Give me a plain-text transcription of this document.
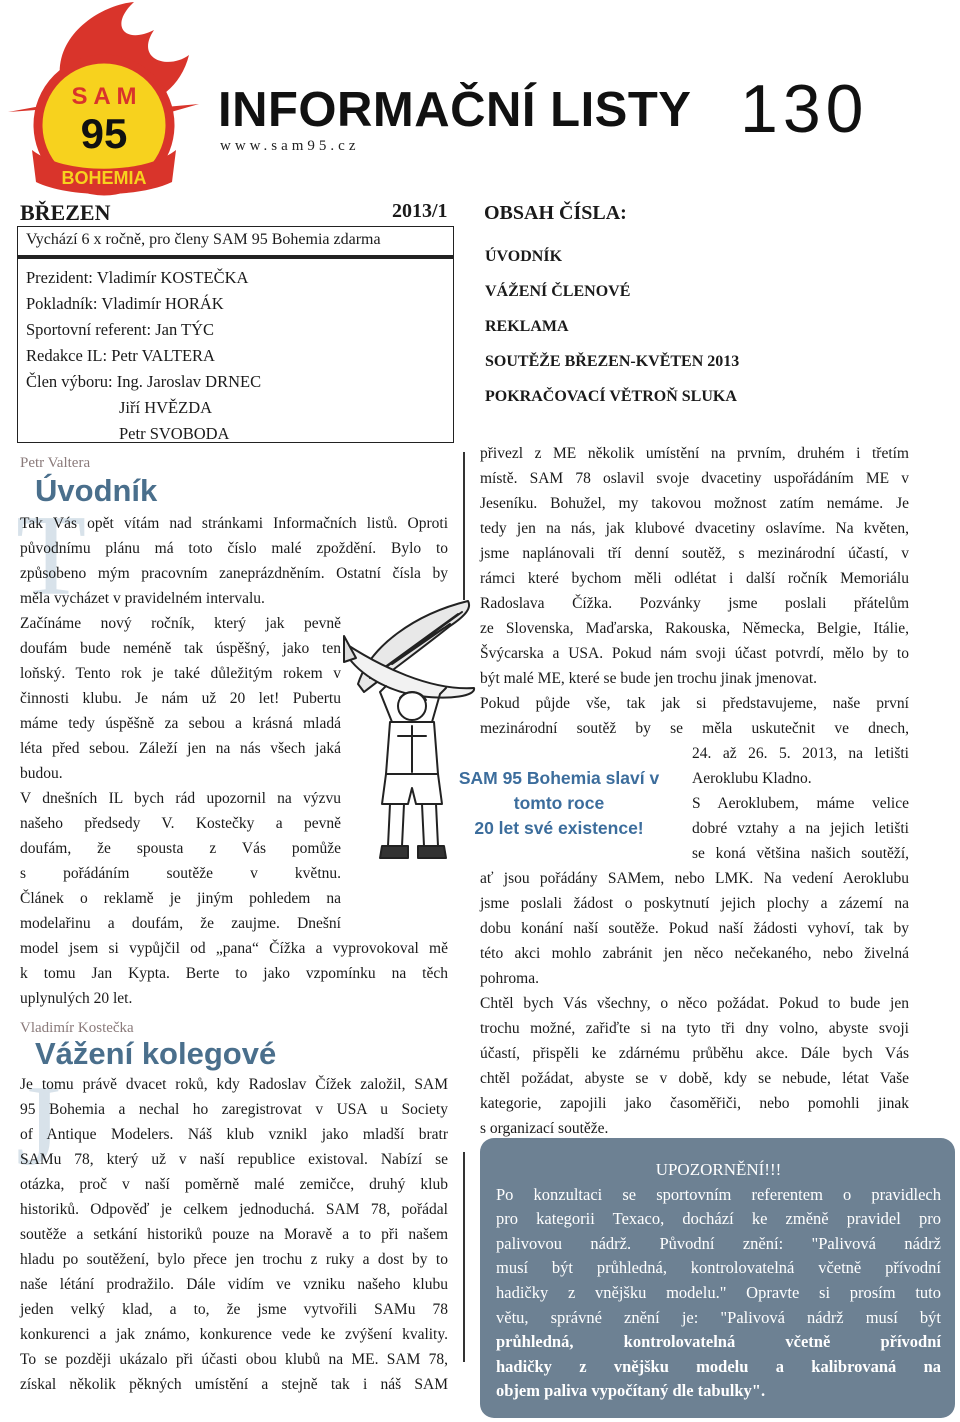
S A M
95
BOHEMIA
INFORMAČNÍ LISTY 130
www.sam95.cz
BŘEZEN	2013/1
Vychází 6 x ročně, pro členy SAM 95 Bohemia zdarma
Prezident: Vladimír KOSTEČKA
Pokladník: Vladimír HORÁK
Sportovní referent: Jan TÝC
Redakce IL: Petr VALTERA
Člen výboru: Ing. Jaroslav DRNEC
Jiří HVĚZDA
Petr SVOBODA
OBSAH ČÍSLA:
ÚVODNÍK
VÁŽENÍ ČLENOVÉ
REKLAMA
SOUTĚŽE BŘEZEN-KVĚTEN 2013
POKRAČOVACÍ VĚTROŇ SLUKA
Petr Valtera
T
Úvodník

Tak Vás opět vítám nad stránkami Informačních listů. Oproti

původnímu plánu má toto číslo malé zpoždění. Bylo to

způsobeno mým pracovním zaneprázdněním. Ostatní čísla by

měla vycházet v pravidelném intervalu.

Začínáme nový ročník, který jak pevně

doufám bude neméně tak úspěšný, jako ten

loňský. Tento rok je také důležitým rokem v

činnosti klubu. Je nám už 20 let! Pubertu

máme tedy úspěšně za sebou a krásná mladá

léta před sebou. Záleží jen na nás všech jaká

budou.

V dnešních IL bych rád upozornil na výzvu

našeho předsedy V. Kostečky a pevně

doufám, že spousta z Vás pomůže

s pořádáním soutěže v květnu.

Článek o reklamě je jiným pohledem na

modelařinu a doufám, že zaujme. Dnešní

model jsem si vypůjčil od „pana“ Čížka a vyprovokoval mě

k tomu Jan Kypta. Berte to jako vzpomínku na těch

uplynulých 20 let.

Vladimír Kostečka
J
Vážení kolegové

Je tomu právě dvacet roků, kdy Radoslav Čížek založil, SAM

95 Bohemia a nechal ho zaregistrovat v USA u Society

of Antique Modelers. Náš klub vznikl jako mladší bratr

SAMu 78, který už v naší republice existoval. Nabízí se

otázka, proč v naší poměrně malé zemičce, druhý klub

historiků. Odpověď je celkem jednoduchá. SAM 78, pořádal

soutěže a setkání historiků pouze na Moravě a to při našem

hladu po soutěžení, bylo přece jen trochu z ruky a dost by to

naše létání prodražilo. Dále vidím ve vzniku našeho klubu

jeden velký klad, a to, že jsme vytvořili SAMu 78

konkurenci a jak známo, konkurence vede ke zvýšení kvality.

To se později ukázalo při účasti obou klubů na ME. SAM 78,

získal několik pěkných umístění a stejně tak i náš SAM

přivezl z ME několik umístění na prvním, druhém i třetím

místě. SAM 78 oslavil svoje dvacetiny uspořádáním ME v

Jeseníku. Bohužel, my takovou možnost zatím nemáme. Je

tedy jen na nás, jak klubové dvacetiny oslavíme. Na květen,

jsme naplánovali tří denní soutěž, s mezinárodní účastí, v

rámci které bychom měli odlétat i další ročník Memoriálu

Radoslava Čížka. Pozvánky jsme poslali přátelům

ze Slovenska, Maďarska, Rakouska, Německa, Belgie, Itálie,

Švýcarska a USA. Pokud nám svoji účast potvrdí, mělo by to

být malé ME, které se bude jen trochu jinak jmenovat.

Pokud půjde vše, tak jak si představujeme, naše první

mezinárodní soutěž by se měla uskutečnit ve dnech,

24. až 26. 5. 2013, na letišti

Aeroklubu Kladno.

S Aeroklubem, máme velice

dobré vztahy a na jejich letišti

se koná většina našich soutěží,

ať jsou pořádány SAMem, nebo LMK. Na vedení Aeroklubu

jsme poslali žádost o poskytnutí jejich plochy a zázemí na

dobu konání naší soutěže. Pokud naší žádosti vyhoví, tak by

této akci mohlo zabránit jen něco nečekaného, nebo živelná

pohroma.

Chtěl bych Vás všechny, o něco požádat. Pokud to bude jen

trochu možné, zařiďte si na tyto tři dny volno, abyste svoji

účastí, přispěli ke zdárnému průběhu akce. Dále bych Vás

chtěl požádat, abyste se v době, kdy se nebude, létat Vaše

kategorie, zapojili jako časoměřiči, nebo pomohli jinak

s organizací soutěže.

SAM 95 Bohemia slaví v
tomto roce
20 let své existence!
UPOZORNĚNÍ!!!

Po konzultaci se sportovním referentem o pravidlech

pro kategorii Texaco, dochází ke změně pravidel pro

palivovou nádrž. Původní znění: "Palivová nádrž

musí být průhledná, kontrolovatelná včetně přívodní

hadičky z vnějšku modelu." Opravte si prosím tuto

větu, správné znění je: "Palivová nádrž musí být

průhledná, kontrolovatelná včetně přívodní

hadičky z vnějšku modelu a kalibrovaná na

objem paliva vypočítaný dle tabulky".
